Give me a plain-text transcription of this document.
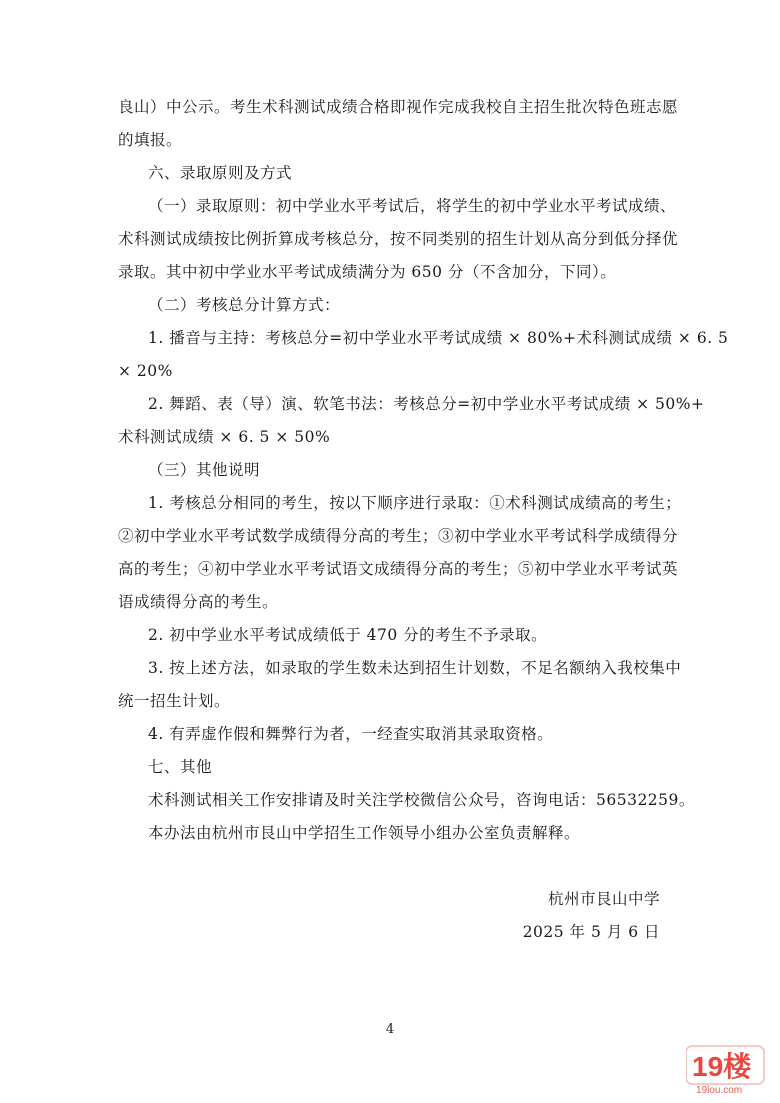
良山）中公示。考生术科测试成绩合格即视作完成我校自主招生批次特色班志愿
的填报。
六、录取原则及方式
（一）录取原则：初中学业水平考试后，将学生的初中学业水平考试成绩、
术科测试成绩按比例折算成考核总分，按不同类别的招生计划从高分到低分择优
录取。其中初中学业水平考试成绩满分为 650 分（不含加分，下同）。
（二）考核总分计算方式：
1. 播音与主持：考核总分=初中学业水平考试成绩 × 80%+术科测试成绩 × 6. 5
× 20%
2. 舞蹈、表（导）演、软笔书法：考核总分=初中学业水平考试成绩 × 50%+
术科测试成绩 × 6. 5 × 50%
（三）其他说明
1. 考核总分相同的考生，按以下顺序进行录取：①术科测试成绩高的考生；
②初中学业水平考试数学成绩得分高的考生；③初中学业水平考试科学成绩得分
高的考生；④初中学业水平考试语文成绩得分高的考生；⑤初中学业水平考试英
语成绩得分高的考生。
2. 初中学业水平考试成绩低于 470 分的考生不予录取。
3. 按上述方法，如录取的学生数未达到招生计划数，不足名额纳入我校集中
统一招生计划。
4. 有弄虚作假和舞弊行为者，一经查实取消其录取资格。
七、其他
术科测试相关工作安排请及时关注学校微信公众号，咨询电话：56532259。
本办法由杭州市艮山中学招生工作领导小组办公室负责解释。
杭州市艮山中学
2025 年 5 月 6 日
4
19楼
19lou.com
